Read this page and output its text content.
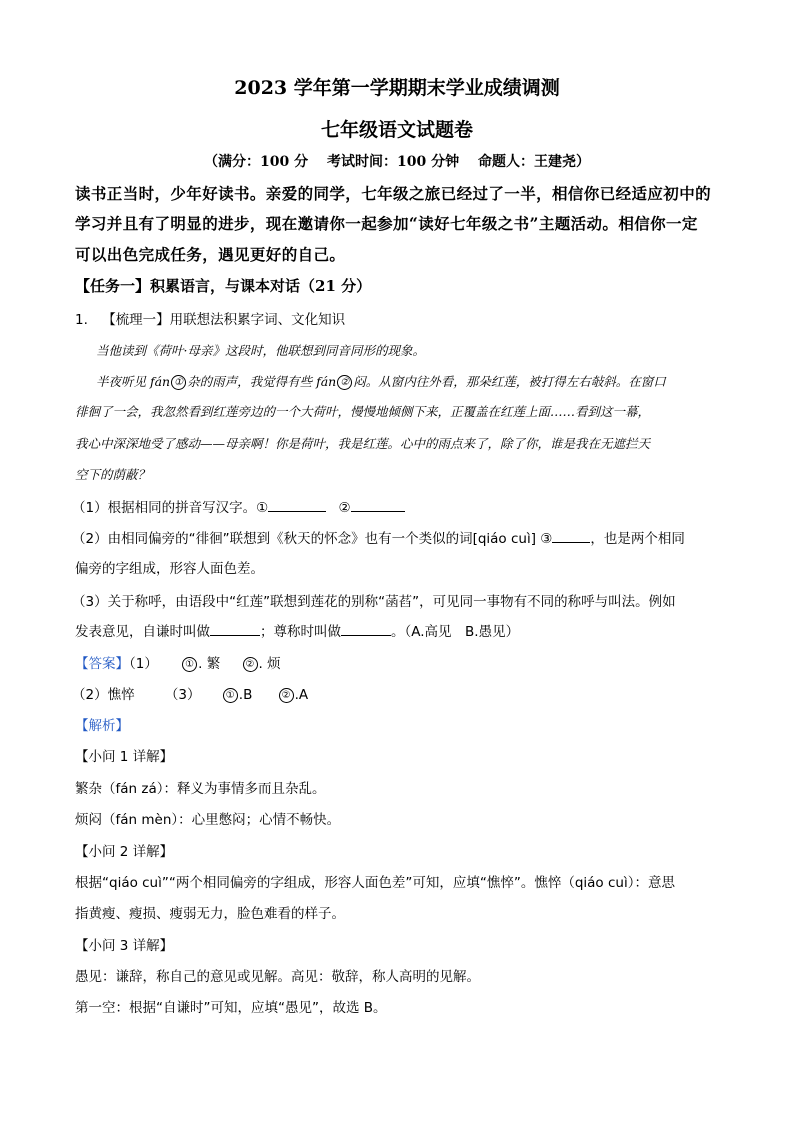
2023 学年第一学期期末学业成绩调测
七年级语文试题卷
（满分：100 分　 考试时间：100 分钟　 命题人：王建尧）
读书正当时，少年好读书。亲爱的同学，七年级之旅已经过了一半，相信你已经适应初中的
学习并且有了明显的进步，现在邀请你一起参加“读好七年级之书”主题活动。相信你一定
可以出色完成任务，遇见更好的自己。
【任务一】积累语言，与课本对话（21 分）
1. 【梳理一】用联想法积累字词、文化知识
当他读到《荷叶·母亲》这段时，他联想到同音同形的现象。
半夜听见 fán ① 杂的雨声，我觉得有些 fán ② 闷。从窗内往外看，那朵红莲，被打得左右敧斜。在窗口
徘徊了一会，我忽然看到红莲旁边的一个大荷叶，慢慢地倾侧下来，正覆盖在红莲上面……看到这一幕，
我心中深深地受了感动——母亲啊！你是荷叶，我是红莲。心中的雨点来了，除了你，谁是我在无遮拦天
空下的荫蔽？
（1）根据相同的拼音写汉字。①	②
（2）由相同偏旁的“徘徊”联想到《秋天的怀念》也有一个类似的词[qiáo cuì] ③	，也是两个相同
偏旁的字组成，形容人面色差。
（3）关于称呼，由语段中“红莲”联想到莲花的别称“菡萏”，可见同一事物有不同的称呼与叫法。例如
发表意见，自谦时叫做	；尊称时叫做	。（A.高见　B.愚见）
【答案】（1）	① . 繁	② . 烦
（2）憔悴 （3）	① .B	② .A
【解析】
【小问 1 详解】
繁杂（fán zá）：释义为事情多而且杂乱。
烦闷（fán mèn）：心里憋闷；心情不畅快。
【小问 2 详解】
根据“qiáo cuì”“两个相同偏旁的字组成，形容人面色差”可知，应填“憔悴”。憔悴（qiáo cuì）：意思
指黄瘦、瘦损、瘦弱无力，脸色难看的样子。
【小问 3 详解】
愚见：谦辞，称自己的意见或见解。高见：敬辞，称人高明的见解。
第一空：根据“自谦时”可知，应填“愚见”，故选 B。
